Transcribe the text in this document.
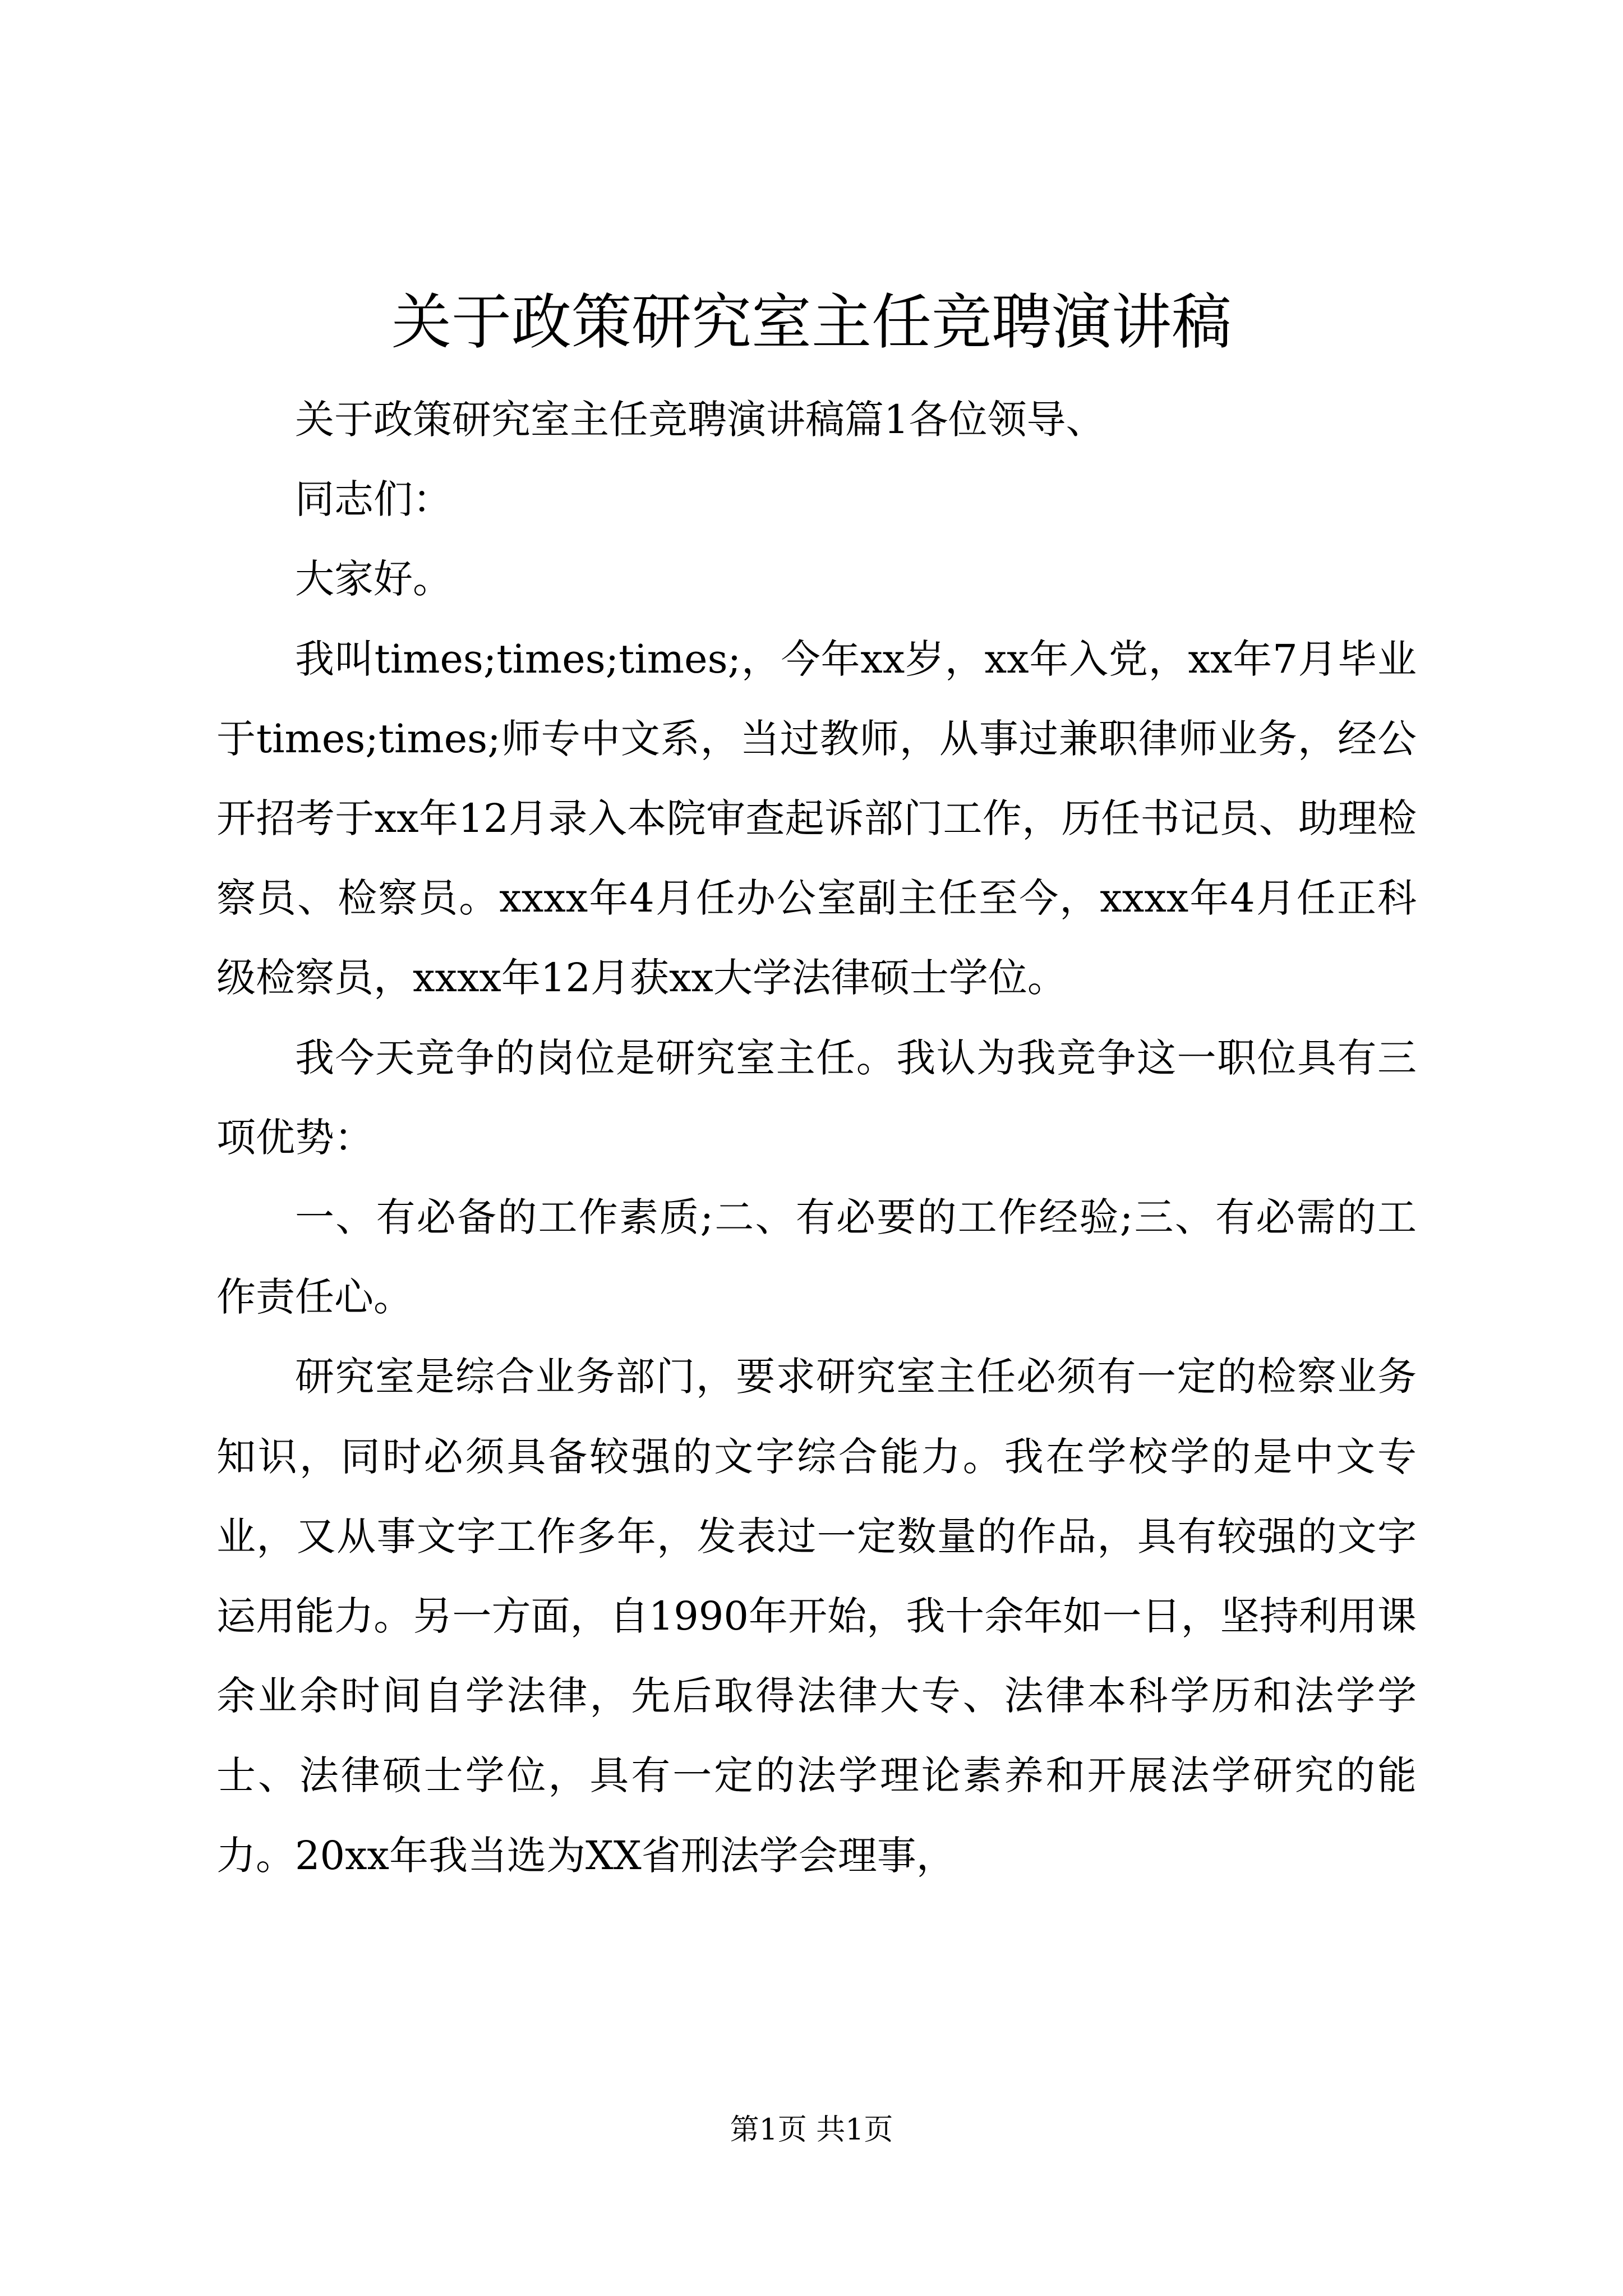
关于政策研究室主任竞聘演讲稿

关于政策研究室主任竞聘演讲稿篇1各位领导、

同志们：

大家好。

我叫times;times;times;，今年xx岁，xx年入党，xx年7月毕业于times;times;师专中文系，当过教师，从事过兼职律师业务，经公开招考于xx年12月录入本院审查起诉部门工作，历任书记员、助理检察员、检察员。xxxx年4月任办公室副主任至今，xxxx年4月任正科级检察员，xxxx年12月获xx大学法律硕士学位。

我今天竞争的岗位是研究室主任。我认为我竞争这一职位具有三项优势：

一、有必备的工作素质;二、有必要的工作经验;三、有必需的工作责任心。

研究室是综合业务部门，要求研究室主任必须有一定的检察业务知识，同时必须具备较强的文字综合能力。我在学校学的是中文专业，又从事文字工作多年，发表过一定数量的作品，具有较强的文字运用能力。另一方面，自1990年开始，我十余年如一日，坚持利用课余业余时间自学法律，先后取得法律大专、法律本科学历和法学学士、法律硕士学位，具有一定的法学理论素养和开展法学研究的能力。20xx年我当选为XX省刑法学会理事，

第1页 共1页
